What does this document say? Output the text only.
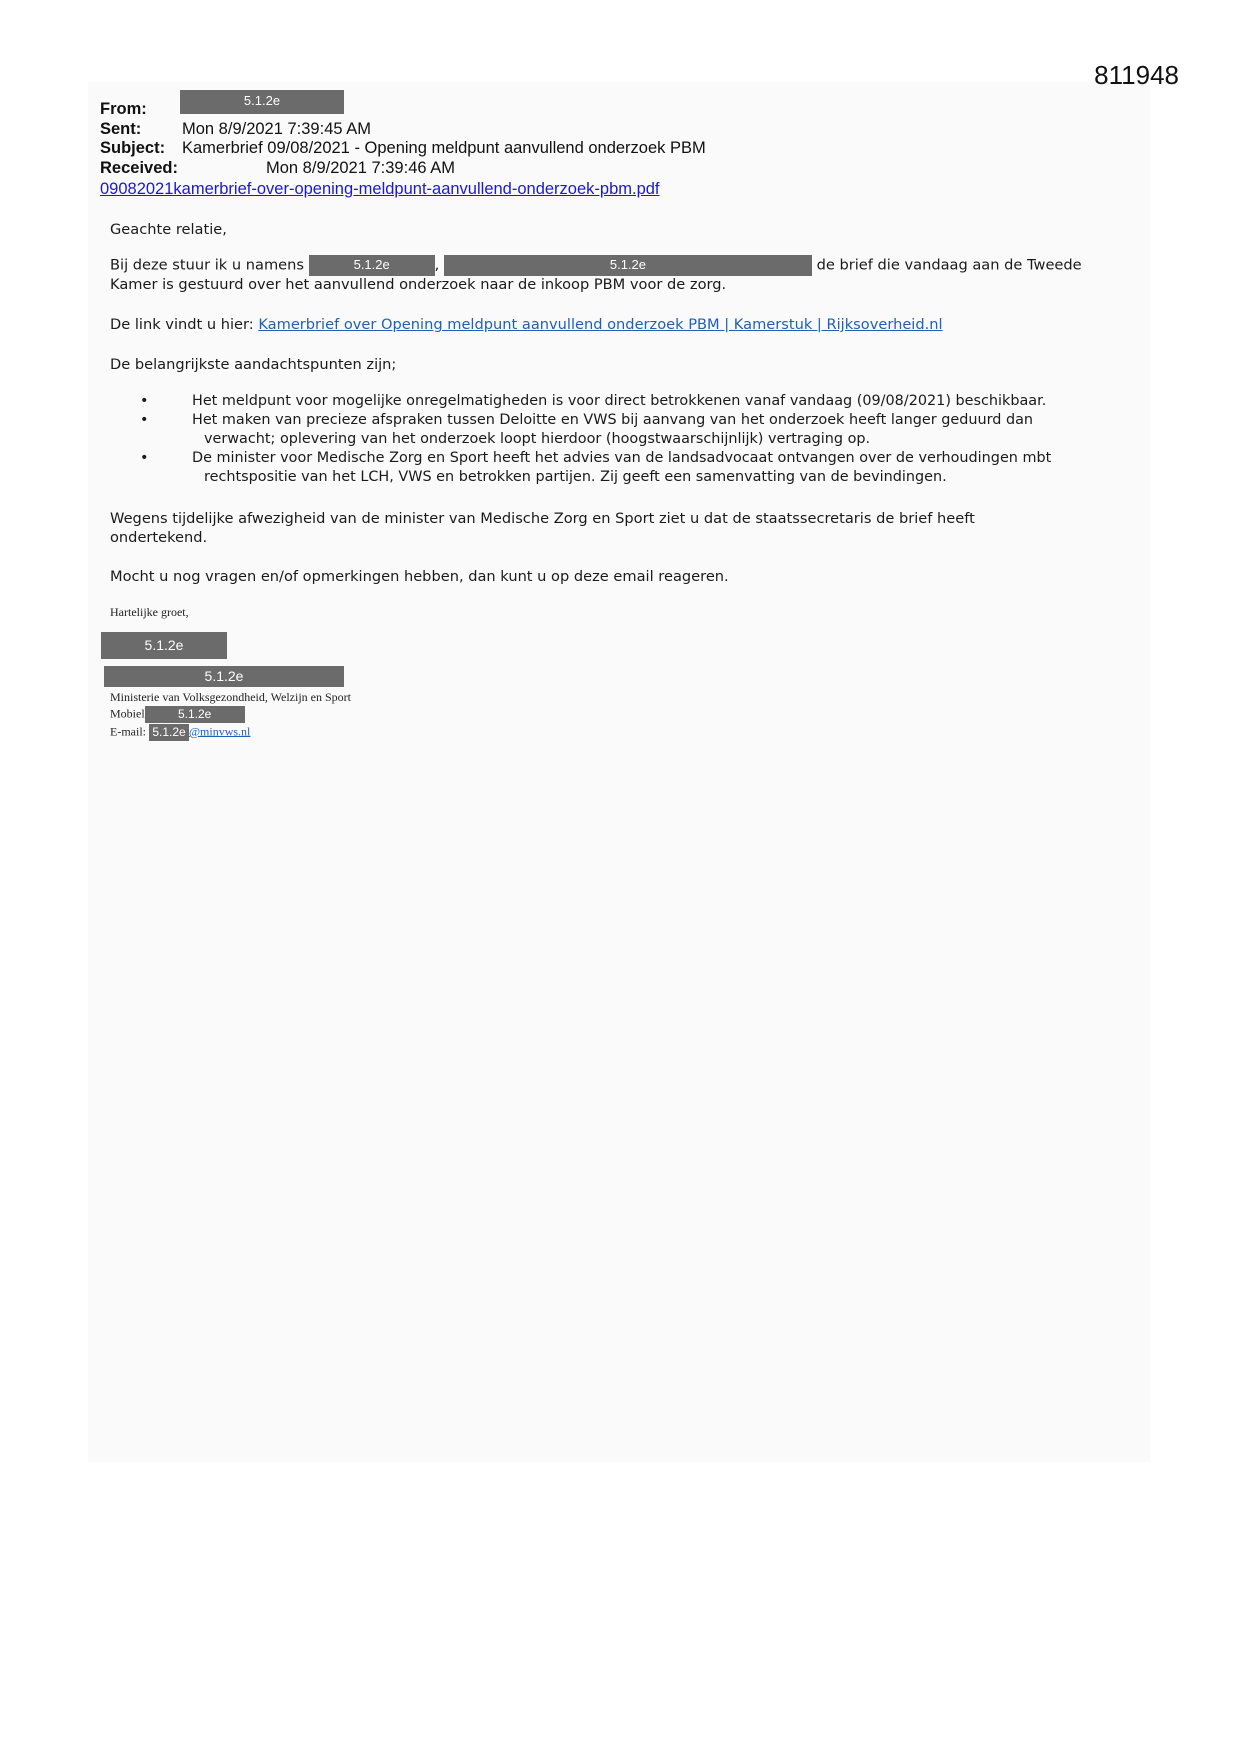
811948
From:	5.1.2e
Sent: Mon 8/9/2021 7:39:45 AM
Subject: Kamerbrief 09/08/2021 - Opening meldpunt aanvullend onderzoek PBM
Received:	Mon 8/9/2021 7:39:46 AM
09082021kamerbrief-over-opening-meldpunt-aanvullend-onderzoek-pbm.pdf
Geachte relatie,
Bij deze stuur ik u namens	5.1.2e	,	5.1.2e	de brief die vandaag aan de Tweede
Kamer is gestuurd over het aanvullend onderzoek naar de inkoop PBM voor de zorg.
De link vindt u hier: Kamerbrief over Opening meldpunt aanvullend onderzoek PBM | Kamerstuk | Rijksoverheid.nl
De belangrijkste aandachtspunten zijn;
•	Het meldpunt voor mogelijke onregelmatigheden is voor direct betrokkenen vanaf vandaag (09/08/2021) beschikbaar.
•	Het maken van precieze afspraken tussen Deloitte en VWS bij aanvang van het onderzoek heeft langer geduurd dan
verwacht; oplevering van het onderzoek loopt hierdoor (hoogstwaarschijnlijk) vertraging op.
•	De minister voor Medische Zorg en Sport heeft het advies van de landsadvocaat ontvangen over de verhoudingen mbt
rechtspositie van het LCH, VWS en betrokken partijen. Zij geeft een samenvatting van de bevindingen.
Wegens tijdelijke afwezigheid van de minister van Medische Zorg en Sport ziet u dat de staatssecretaris de brief heeft
ondertekend.
Mocht u nog vragen en/of opmerkingen hebben, dan kunt u op deze email reageren.
Hartelijke groet,
5.1.2e
5.1.2e
Ministerie van Volksgezondheid, Welzijn en Sport
Mobiel	5.1.2e
E-mail: 5.1.2e @minvws.nl
